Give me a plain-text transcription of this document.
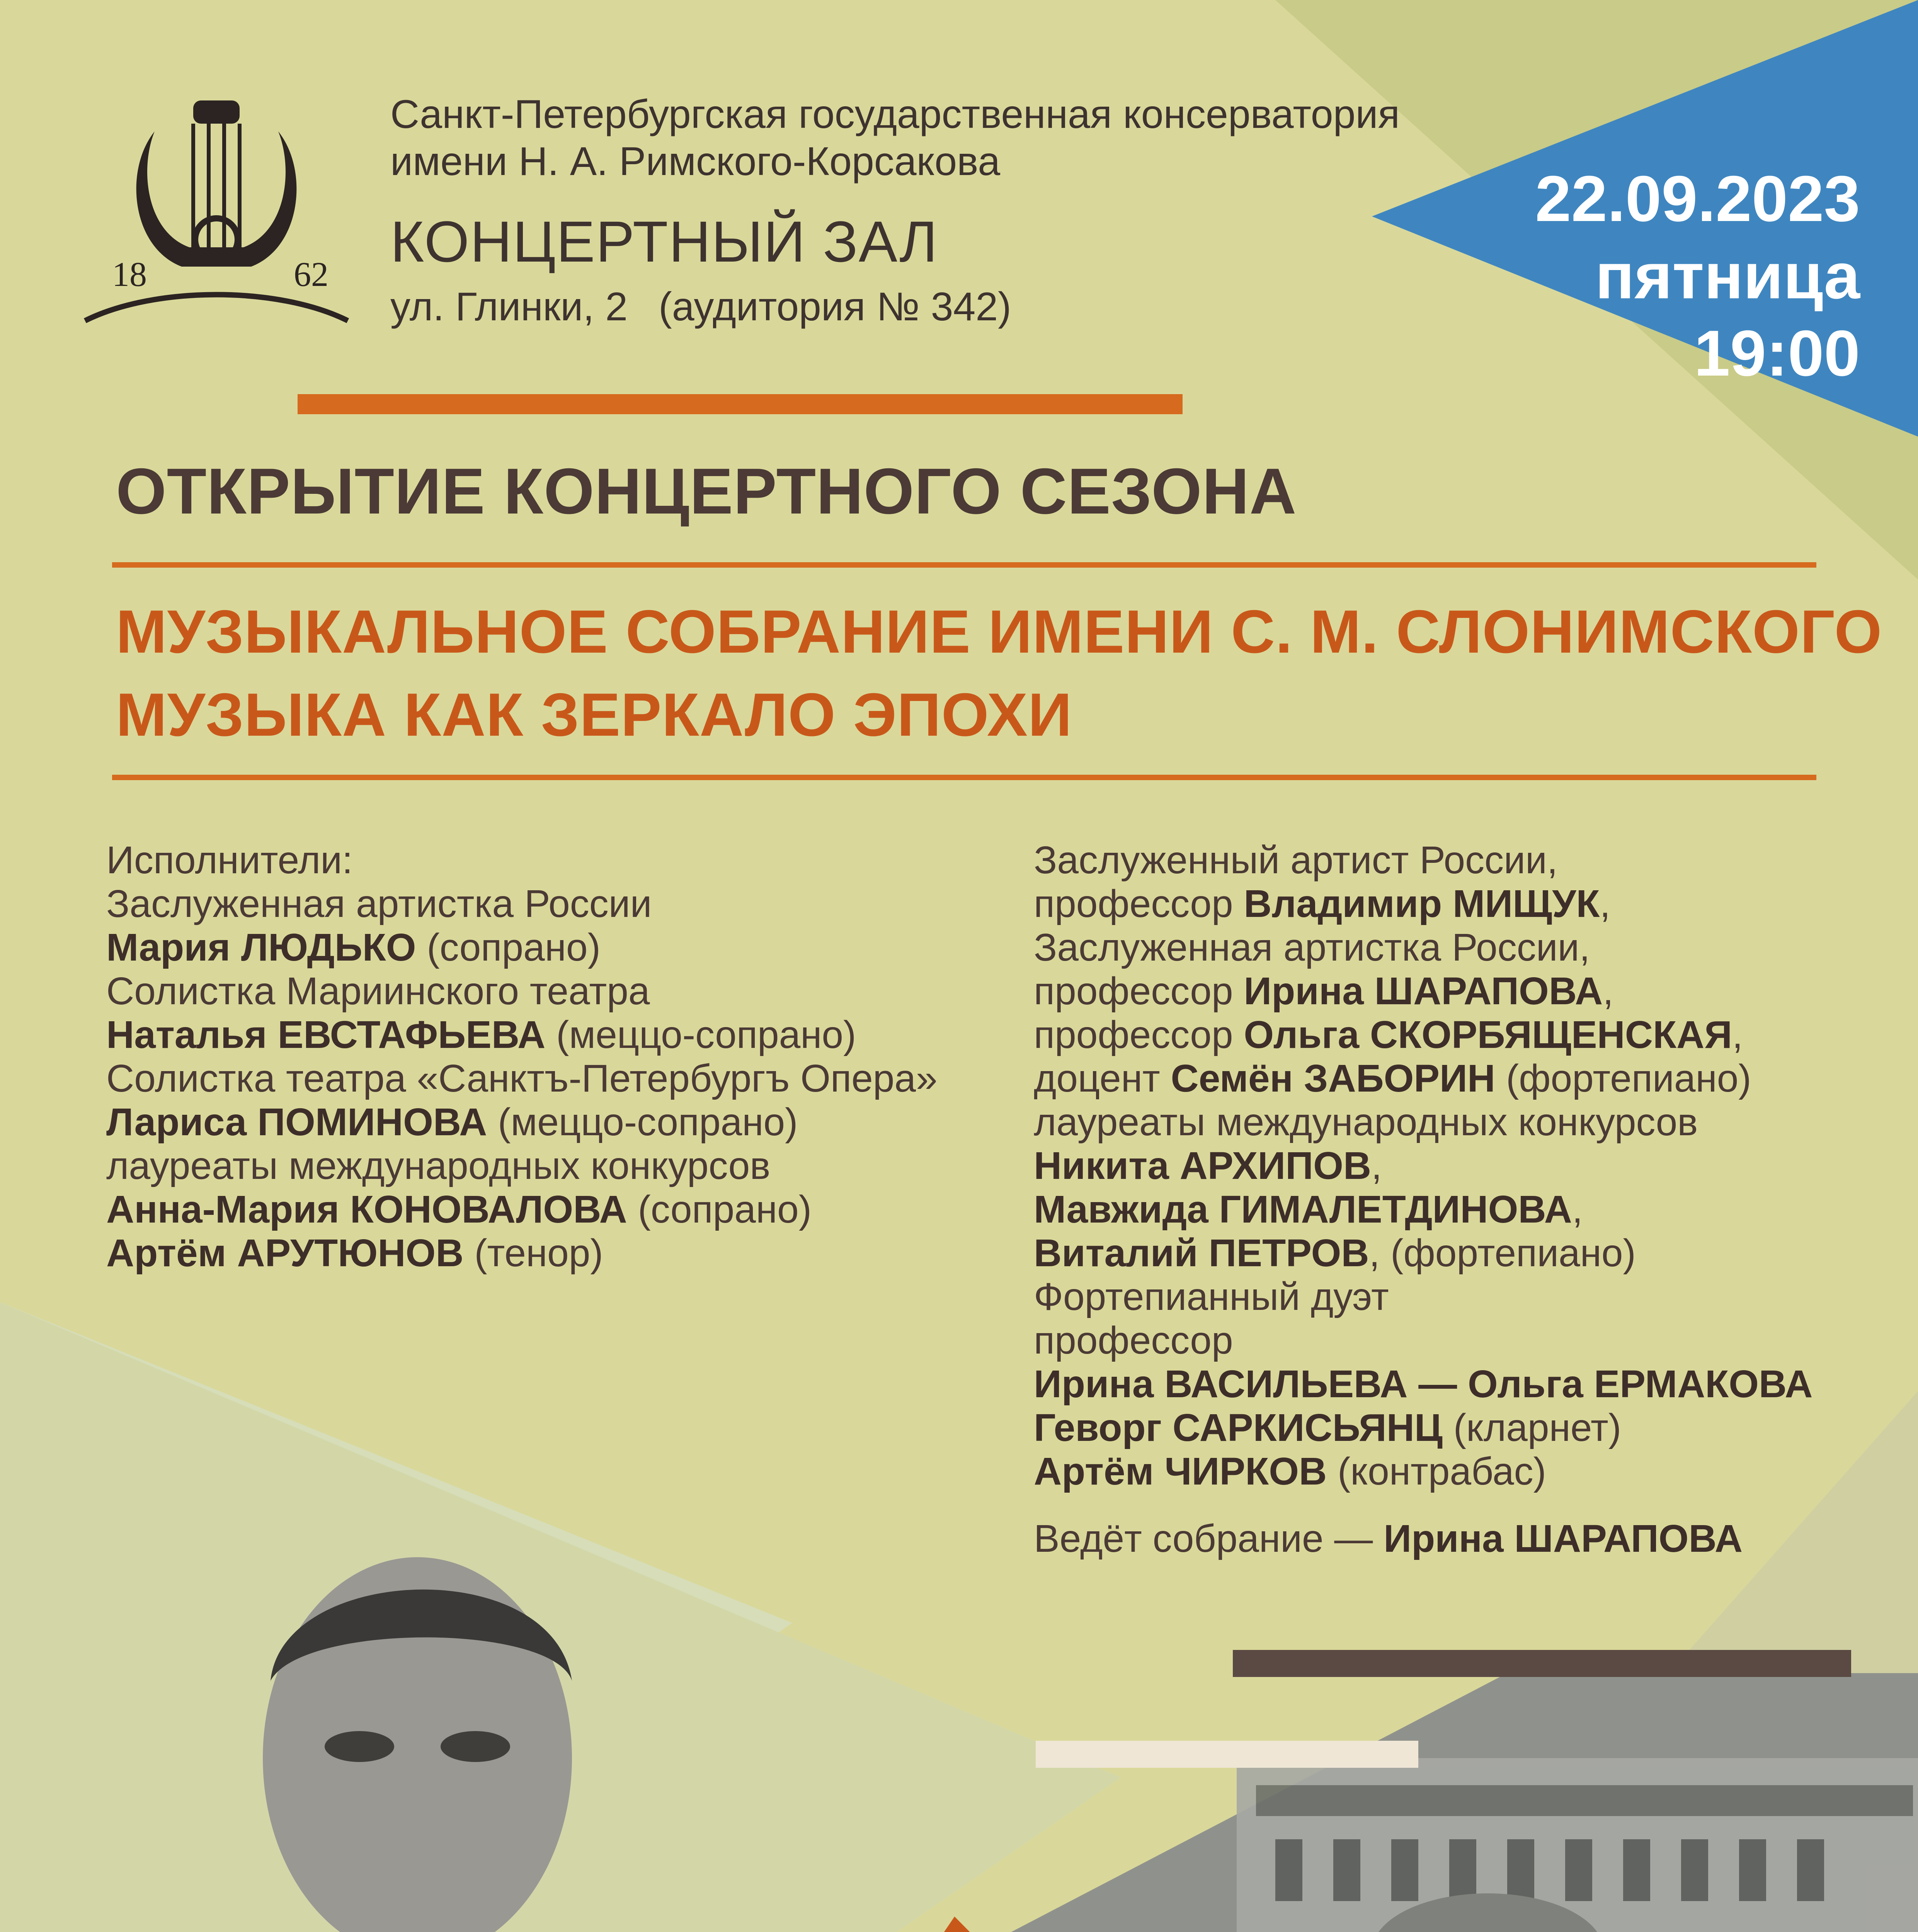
18	62
Санкт-Петербургская государственная консерватория
имени Н. А. Римского-Корсакова
КОНЦЕРТНЫЙ ЗАЛ
ул. Глинки, 2 (аудитория № 342)
22.09.2023
пятница
19:00
ОТКРЫТИЕ КОНЦЕРТНОГО СЕЗОНА
МУЗЫКАЛЬНОЕ СОБРАНИЕ ИМЕНИ С. М. СЛОНИМСКОГО
МУЗЫКА КАК ЗЕРКАЛО ЭПОХИ
Исполнители:
Заслуженная артистка России
Мария ЛЮДЬКО (сопрано)
Солистка Мариинского театра
Наталья ЕВСТАФЬЕВА (меццо-сопрано)
Солистка театра «Санктъ-Петербургъ Опера»
Лариса ПОМИНОВА (меццо-сопрано)
лауреаты международных конкурсов
Анна-Мария КОНОВАЛОВА (сопрано)
Артём АРУТЮНОВ (тенор)
Заслуженный артист России,
профессор Владимир МИЩУК,
Заслуженная артистка России,
профессор Ирина ШАРАПОВА,
профессор Ольга СКОРБЯЩЕНСКАЯ,
доцент Семён ЗАБОРИН (фортепиано)
лауреаты международных конкурсов
Никита АРХИПОВ,
Мавжида ГИМАЛЕТДИНОВА,
Виталий ПЕТРОВ, (фортепиано)
Фортепианный дуэт
профессор
Ирина ВАСИЛЬЕВА — Ольга ЕРМАКОВА
Геворг САРКИСЬЯНЦ (кларнет)
Артём ЧИРКОВ (контрабас)
Ведёт собрание — Ирина ШАРАПОВА
